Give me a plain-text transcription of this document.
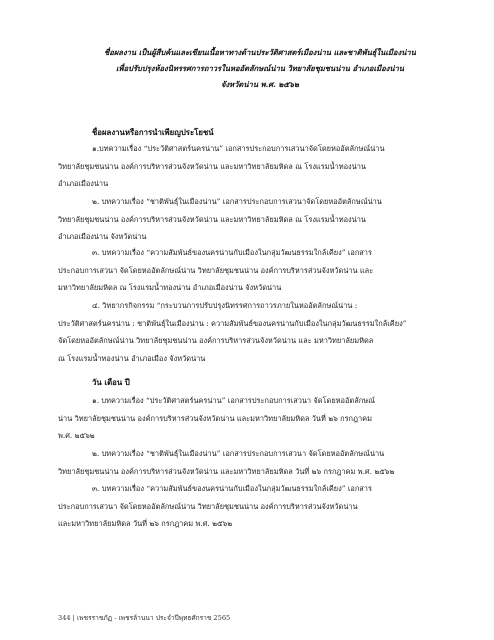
ชื่อผลงาน เป็นผู้สืบค้นและเขียนเนื้อหาทางด้านประวัติศาสตร์เมืองน่าน และชาติพันธุ์ในเมืองน่าน
เพื่อปรับปรุงห้องนิทรรศการถาวรในหออัตลักษณ์น่าน วิทยาลัยชุมชนน่าน อำเภอเมืองน่าน
จังหวัดน่าน พ.ศ. ๒๕๖๒
ชื่อผลงานหรือการนำเพียญประโยชน์
๑.บทความเรื่อง “ประวัติศาสตร์นครน่าน” เอกสารประกอบการเสวนาจัดโดยหออัตลักษณ์น่าน
วิทยาลัยชุมชนน่าน องค์การบริหารส่วนจังหวัดน่าน และมหาวิทยาลัยมหิดล ณ โรงแรมน้ำทองน่าน
อำเภอเมืองน่าน
๒. บทความเรื่อง “ชาติพันธุ์ในเมืองน่าน” เอกสารประกอบการเสวนาจัดโดยหออัตลักษณ์น่าน
วิทยาลัยชุมชนน่าน องค์การบริหารส่วนจังหวัดน่าน และมหาวิทยาลัยมหิดล ณ โรงแรมน้ำทองน่าน
อำเภอเมืองน่าน จังหวัดน่าน
๓. บทความเรื่อง “ความสัมพันธ์ของนครน่านกับเมืองในกลุ่มวัฒนธรรมใกล้เคียง” เอกสาร
ประกอบการเสวนา จัดโดยหออัตลักษณ์น่าน วิทยาลัยชุมชนน่าน องค์การบริหารส่วนจังหวัดน่าน และ
มหาวิทยาลัยมหิดล ณ โรงแรมน้ำทองน่าน อำเภอเมืองน่าน จังหวัดน่าน
๔. วิทยากรกิจกรรม “กระบวนการปรับปรุงนิทรรศการถาวรภายในหออัตลักษณ์น่าน :
ประวัติศาสตร์นครน่าน : ชาติพันธุ์ในเมืองน่าน : ความสัมพันธ์ของนครน่านกับเมืองในกลุ่มวัฒนธรรมใกล้เคียง”
จัดโดยหออัตลักษณ์น่าน วิทยาลัยชุมชนน่าน องค์การบริหารส่วนจังหวัดน่าน และ มหาวิทยาลัยมหิดล
ณ โรงแรมน้ำทองน่าน อำเภอเมือง จังหวัดน่าน
วัน เดือน ปี
๑. บทความเรื่อง “ประวัติศาสตร์นครน่าน” เอกสารประกอบการเสวนา จัดโดยหออัตลักษณ์
น่าน วิทยาลัยชุมชนน่าน องค์การบริหารส่วนจังหวัดน่าน และมหาวิทยาลัยมหิดล วันที่ ๒๖ กรกฎาคม
พ.ศ. ๒๕๖๒
๒. บทความเรื่อง “ชาติพันธุ์ในเมืองน่าน” เอกสารประกอบการเสวนา จัดโดยหออัตลักษณ์น่าน
วิทยาลัยชุมชนน่าน องค์การบริหารส่วนจังหวัดน่าน และมหาวิทยาลัยมหิดล วันที่ ๒๖ กรกฎาคม พ.ศ. ๒๕๖๒
๓. บทความเรื่อง “ความสัมพันธ์ของนครน่านกับเมืองในกลุ่มวัฒนธรรมใกล้เคียง” เอกสาร
ประกอบการเสวนา จัดโดยหออัตลักษณ์น่าน วิทยาลัยชุมชนน่าน องค์การบริหารส่วนจังหวัดน่าน
และมหาวิทยาลัยมหิดล วันที่ ๒๖ กรกฎาคม พ.ศ. ๒๕๖๒
344 | เพชรราชภัฏ - เพชรล้านนา ประจำปีพุทธศักราช 2565
